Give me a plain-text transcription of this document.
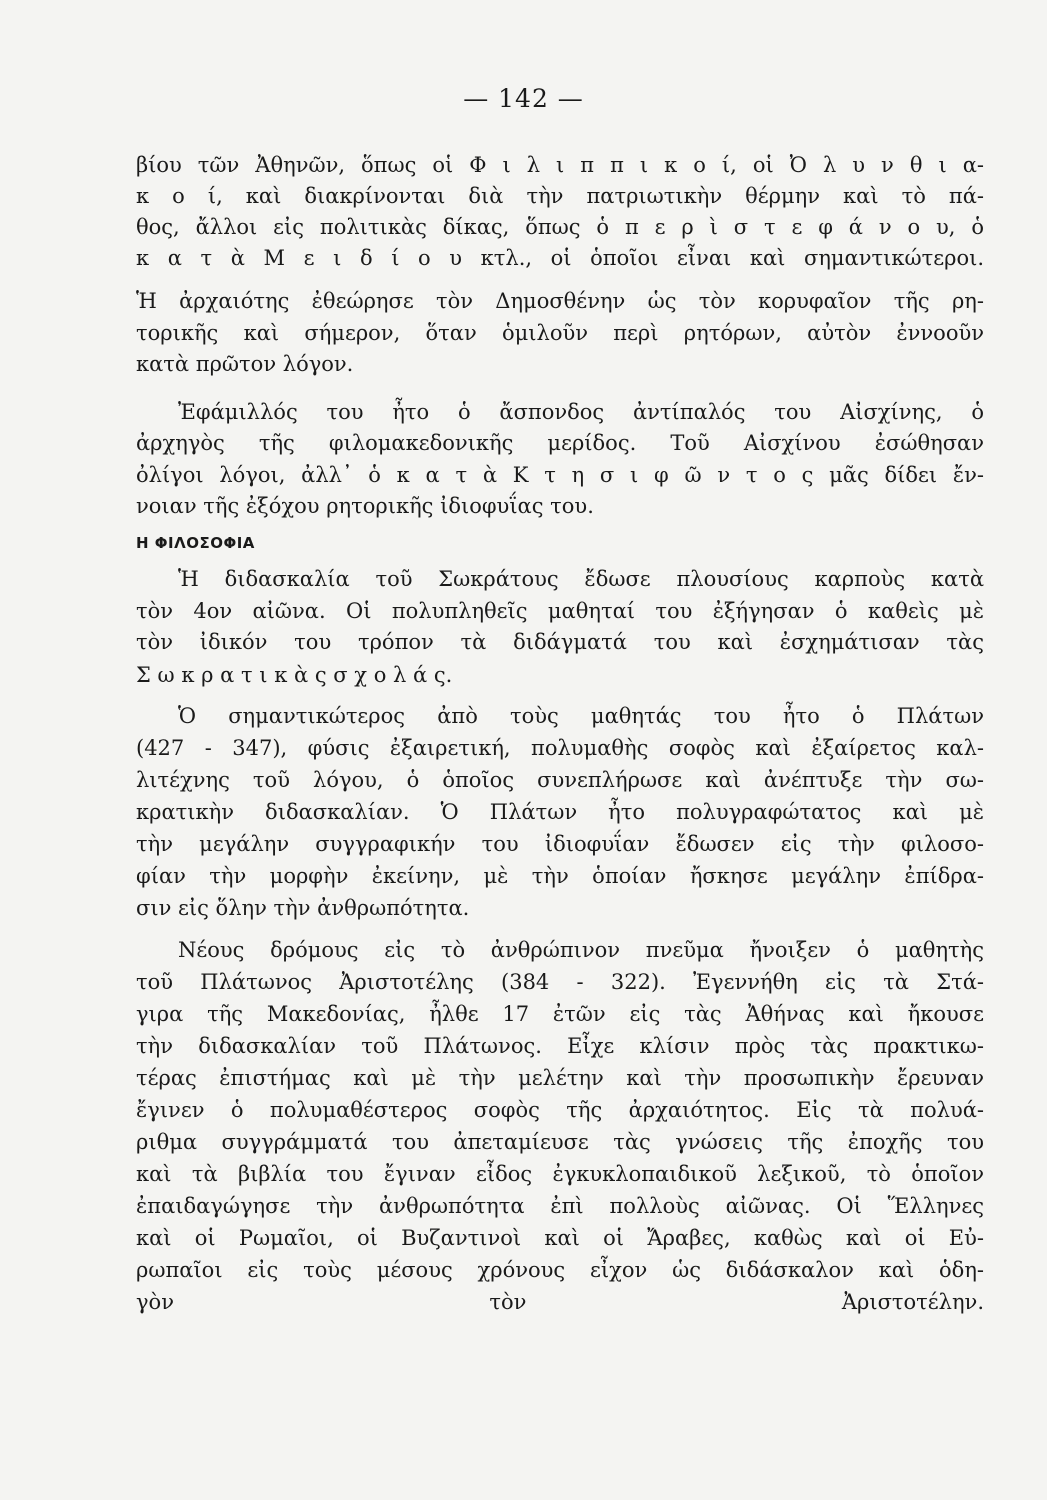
— 142 —
βίου τῶν Ἀθηνῶν, ὅπως οἱ Φ ι λ ι π π ι κ ο ί, οἱ Ὀ λ υ ν θ ι α-
κ ο ί, καὶ διακρίνονται διὰ τὴν πατριωτικὴν θέρμην καὶ τὸ πά-
θος, ἄλλοι εἰς πολιτικὰς δίκας, ὅπως ὁ π ε ρ ὶ σ τ ε φ ά ν ο υ, ὁ
κ α τ ὰ Μ ε ι δ ί ο υ κτλ., οἱ ὁποῖοι εἶναι καὶ σημαντικώτεροι.
Ἡ ἀρχαιότης ἐθεώρησε τὸν Δημοσθένην ὡς τὸν κορυφαῖον τῆς ρη-
τορικῆς καὶ σήμερον, ὅταν ὁμιλοῦν περὶ ρητόρων, αὐτὸν ἐννοοῦν
κατὰ πρῶτον λόγον.
Ἐφάμιλλός του ἦτο ὁ ἄσπονδος ἀντίπαλός του Αἰσχίνης, ὁ
ἀρχηγὸς τῆς φιλομακεδονικῆς μερίδος. Τοῦ Αἰσχίνου ἐσώθησαν
ὀλίγοι λόγοι, ἀλλ᾽ ὁ κ α τ ὰ Κ τ η σ ι φ ῶ ν τ ο ς μᾶς δίδει ἔν-
νοιαν τῆς ἐξόχου ρητορικῆς ἰδιοφυΐας του.
Η ΦΙΛΟΣΟΦΙΑ
Ἡ διδασκαλία τοῦ Σωκράτους ἔδωσε πλουσίους καρποὺς κατὰ
τὸν 4ον αἰῶνα. Οἱ πολυπληθεῖς μαθηταί του ἐξήγησαν ὁ καθεὶς μὲ
τὸν ἰδικόν του τρόπον τὰ διδάγματά του καὶ ἐσχημάτισαν τὰς
Σ ω κ ρ α τ ι κ ὰ ς σ χ ο λ ά ς.
Ὁ σημαντικώτερος ἀπὸ τοὺς μαθητάς του ἦτο ὁ Πλάτων
(427 - 347), φύσις ἐξαιρετική, πολυμαθὴς σοφὸς καὶ ἐξαίρετος καλ-
λιτέχνης τοῦ λόγου, ὁ ὁποῖος συνεπλήρωσε καὶ ἀνέπτυξε τὴν σω-
κρατικὴν διδασκαλίαν. Ὁ Πλάτων ἦτο πολυγραφώτατος καὶ μὲ
τὴν μεγάλην συγγραφικήν του ἰδιοφυΐαν ἔδωσεν εἰς τὴν φιλοσο-
φίαν τὴν μορφὴν ἐκείνην, μὲ τὴν ὁποίαν ἤσκησε μεγάλην ἐπίδρα-
σιν εἰς ὅλην τὴν ἀνθρωπότητα.
Νέους δρόμους εἰς τὸ ἀνθρώπινον πνεῦμα ἤνοιξεν ὁ μαθητὴς
τοῦ Πλάτωνος Ἀριστοτέλης (384 - 322). Ἐγεννήθη εἰς τὰ Στά-
γιρα τῆς Μακεδονίας, ἦλθε 17 ἐτῶν εἰς τὰς Ἀθήνας καὶ ἤκουσε
τὴν διδασκαλίαν τοῦ Πλάτωνος. Εἶχε κλίσιν πρὸς τὰς πρακτικω-
τέρας ἐπιστήμας καὶ μὲ τὴν μελέτην καὶ τὴν προσωπικὴν ἔρευναν
ἔγινεν ὁ πολυμαθέστερος σοφὸς τῆς ἀρχαιότητος. Εἰς τὰ πολυά-
ριθμα συγγράμματά του ἀπεταμίευσε τὰς γνώσεις τῆς ἐποχῆς του
καὶ τὰ βιβλία του ἔγιναν εἶδος ἐγκυκλοπαιδικοῦ λεξικοῦ, τὸ ὁποῖον
ἐπαιδαγώγησε τὴν ἀνθρωπότητα ἐπὶ πολλοὺς αἰῶνας. Οἱ Ἕλληνες
καὶ οἱ Ρωμαῖοι, οἱ Βυζαντινοὶ καὶ οἱ Ἄραβες, καθὼς καὶ οἱ Εὐ-
ρωπαῖοι εἰς τοὺς μέσους χρόνους εἶχον ὡς διδάσκαλον καὶ ὁδη-
γὸν τὸν Ἀριστοτέλην.
